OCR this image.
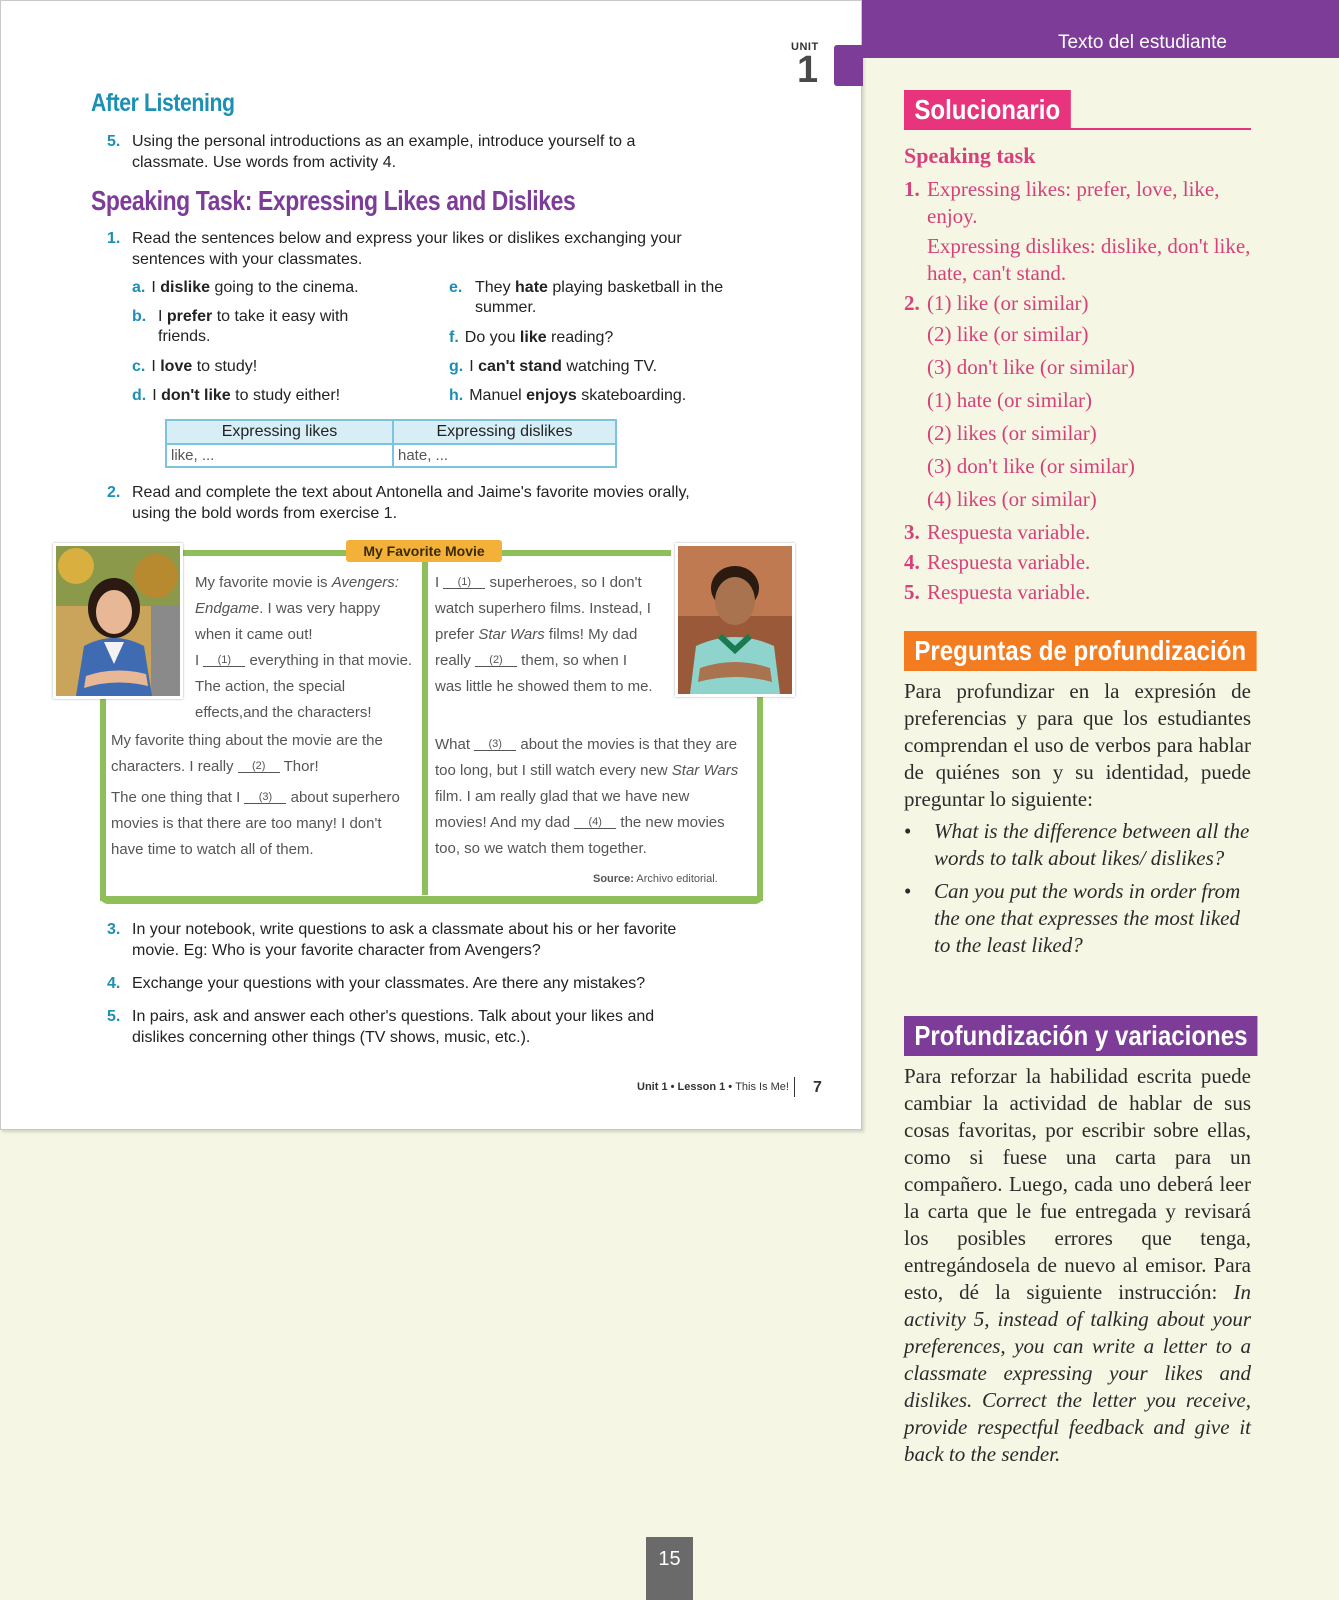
UNIT
1
After Listening
5. Using the personal introductions as an example, introduce yourself to a classmate. Use words from activity 4.
Speaking Task: Expressing Likes and Dislikes
1. Read the sentences below and express your likes or dislikes exchanging your sentences with your classmates.
a. I dislike going to the cinema.
b. I prefer to take it easy with friends.
c. I love to study!
d. I don't like to study either!
e. They hate playing basketball in the summer.
f. Do you like reading?
g. I can't stand watching TV.
h. Manuel enjoys skateboarding.
Expressing likes	Expressing dislikes
like, ...	hate, ...
2. Read and complete the text about Antonella and Jaime's favorite movies orally, using the bold words from exercise 1.
My Favorite Movie
My favorite movie is Avengers: Endgame. I was very happy when it came out!
I (1) everything in that movie. The action, the special effects,and the characters!
My favorite thing about the movie are the characters. I really (2) Thor!
The one thing that I (3) about superhero movies is that there are too many! I don't have time to watch all of them.
I (1) superheroes, so I don't watch superhero films. Instead, I prefer Star Wars films! My dad really (2) them, so when I was little he showed them to me.
What (3) about the movies is that they are too long, but I still watch every new Star Wars film. I am really glad that we have new movies! And my dad (4) the new movies too, so we watch them together.
Source: Archivo editorial.
3. In your notebook, write questions to ask a classmate about his or her favorite movie. Eg: Who is your favorite character from Avengers?
4. Exchange your questions with your classmates. Are there any mistakes?
5. In pairs, ask and answer each other's questions. Talk about your likes and dislikes concerning other things (TV shows, music, etc.).
Unit 1 • Lesson 1 • This Is Me! 7
Texto del estudiante
Solucionario
Speaking task
1. Expressing likes: prefer, love, like, enjoy.
Expressing dislikes: dislike, don't like, hate, can't stand.
2. (1) like (or similar)
(2) like (or similar)
(3) don't like (or similar)
(1) hate (or similar)
(2) likes (or similar)
(3) don't like (or similar)
(4) likes (or similar)
3. Respuesta variable.
4. Respuesta variable.
5. Respuesta variable.
Preguntas de profundización
Para profundizar en la expresión de preferencias y para que los estudiantes comprendan el uso de verbos para hablar de quiénes son y su identidad, puede preguntar lo siguiente:
•	What is the difference between all the words to talk about likes/ dislikes?
•	Can you put the words in order from the one that expresses the most liked to the least liked?
Profundización y variaciones
Para reforzar la habilidad escrita puede cambiar la actividad de hablar de sus cosas favoritas, por escribir sobre ellas, como si fuese una carta para un compañero. Luego, cada uno deberá leer la carta que le fue entregada y revisará los posibles errores que tenga, entregándosela de nuevo al emisor. Para esto, dé la siguiente instrucción: In activity 5, instead of talking about your preferences, you can write a letter to a classmate expressing your likes and dislikes. Correct the letter you receive, provide respectful feedback and give it back to the sender.
15
